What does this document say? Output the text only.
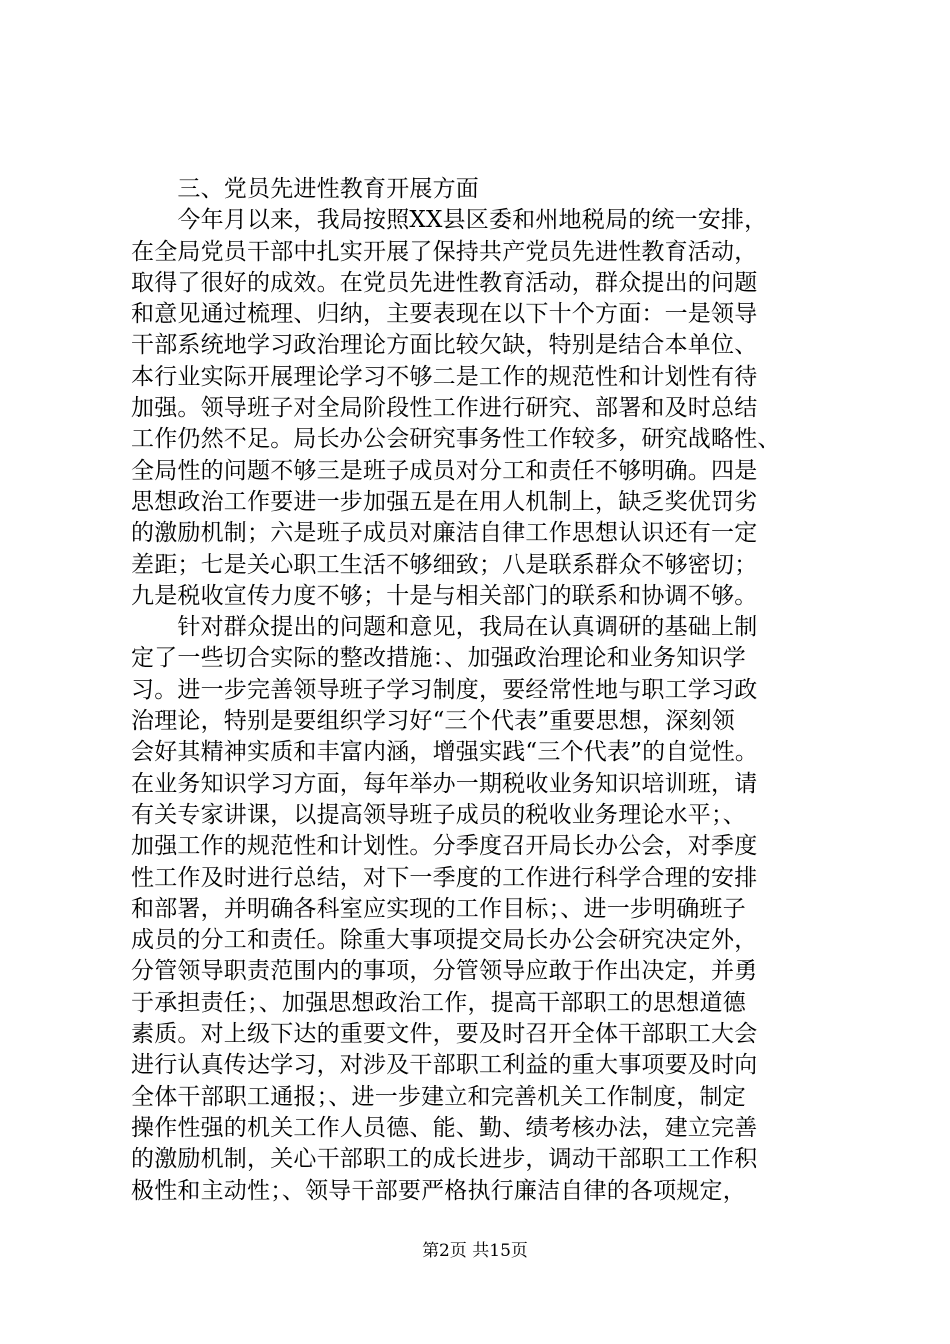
　　三、党员先进性教育开展方面
　　今年月以来，我局按照XX县区委和州地税局的统一安排，
在全局党员干部中扎实开展了保持共产党员先进性教育活动，
取得了很好的成效。在党员先进性教育活动，群众提出的问题
和意见通过梳理、归纳，主要表现在以下十个方面：一是领导
干部系统地学习政治理论方面比较欠缺，特别是结合本单位、
本行业实际开展理论学习不够二是工作的规范性和计划性有待
加强。领导班子对全局阶段性工作进行研究、部署和及时总结
工作仍然不足。局长办公会研究事务性工作较多，研究战略性、
全局性的问题不够三是班子成员对分工和责任不够明确。四是
思想政治工作要进一步加强五是在用人机制上，缺乏奖优罚劣
的激励机制；六是班子成员对廉洁自律工作思想认识还有一定
差距；七是关心职工生活不够细致；八是联系群众不够密切；
九是税收宣传力度不够；十是与相关部门的联系和协调不够。
　　针对群众提出的问题和意见，我局在认真调研的基础上制
定了一些切合实际的整改措施：、加强政治理论和业务知识学
习。进一步完善领导班子学习制度，要经常性地与职工学习政
治理论，特别是要组织学习好“三个代表”重要思想，深刻领
会好其精神实质和丰富内涵，增强实践“三个代表”的自觉性。
在业务知识学习方面，每年举办一期税收业务知识培训班，请
有关专家讲课，以提高领导班子成员的税收业务理论水平；、
加强工作的规范性和计划性。分季度召开局长办公会，对季度
性工作及时进行总结，对下一季度的工作进行科学合理的安排
和部署，并明确各科室应实现的工作目标；、进一步明确班子
成员的分工和责任。除重大事项提交局长办公会研究决定外，
分管领导职责范围内的事项，分管领导应敢于作出决定，并勇
于承担责任；、加强思想政治工作，提高干部职工的思想道德
素质。对上级下达的重要文件，要及时召开全体干部职工大会
进行认真传达学习，对涉及干部职工利益的重大事项要及时向
全体干部职工通报；、进一步建立和完善机关工作制度，制定
操作性强的机关工作人员德、能、勤、绩考核办法，建立完善
的激励机制，关心干部职工的成长进步，调动干部职工工作积
极性和主动性；、领导干部要严格执行廉洁自律的各项规定，
第2页 共15页
